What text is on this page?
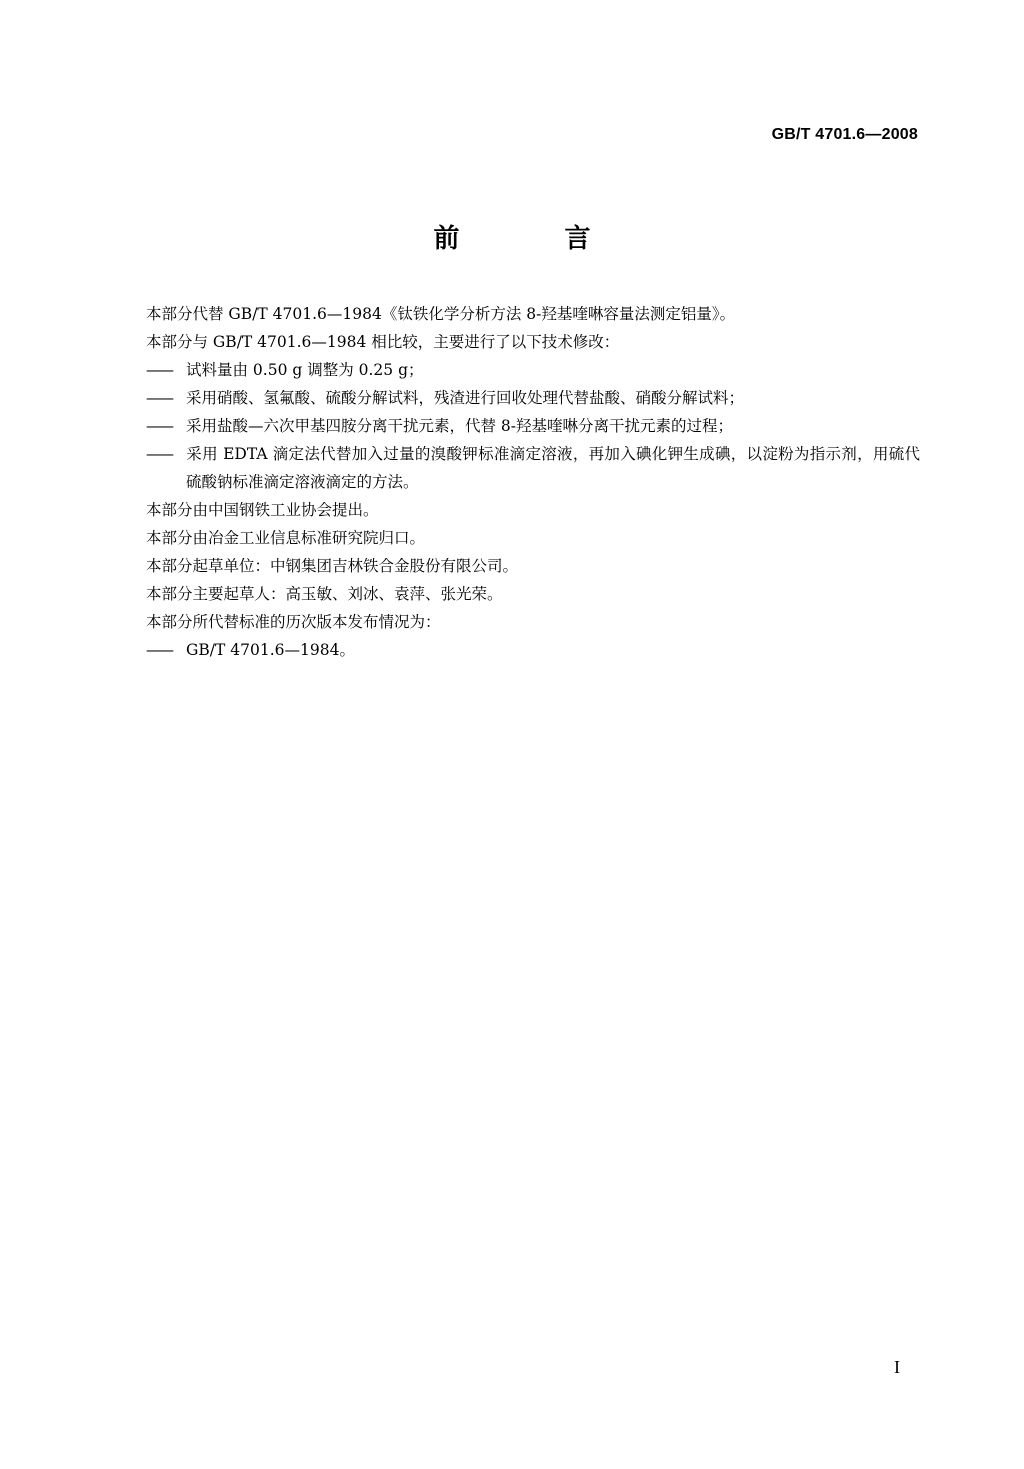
GB/T 4701.6—2008
前 言

本部分代替 GB/T 4701.6—1984《钛铁化学分析方法 8-羟基喹啉容量法测定铝量》。

本部分与 GB/T 4701.6—1984 相比较，主要进行了以下技术修改：

—— 试料量由 0.50 g 调整为 0.25 g；

—— 采用硝酸、氢氟酸、硫酸分解试料，残渣进行回收处理代替盐酸、硝酸分解试料；

—— 采用盐酸—六次甲基四胺分离干扰元素，代替 8-羟基喹啉分离干扰元素的过程；

—— 采用 EDTA 滴定法代替加入过量的溴酸钾标准滴定溶液，再加入碘化钾生成碘，以淀粉为指示剂，用硫代硫酸钠标准滴定溶液滴定的方法。

本部分由中国钢铁工业协会提出。

本部分由冶金工业信息标准研究院归口。

本部分起草单位：中钢集团吉林铁合金股份有限公司。

本部分主要起草人：高玉敏、刘冰、袁萍、张光荣。

本部分所代替标准的历次版本发布情况为：

—— GB/T 4701.6—1984。

I
